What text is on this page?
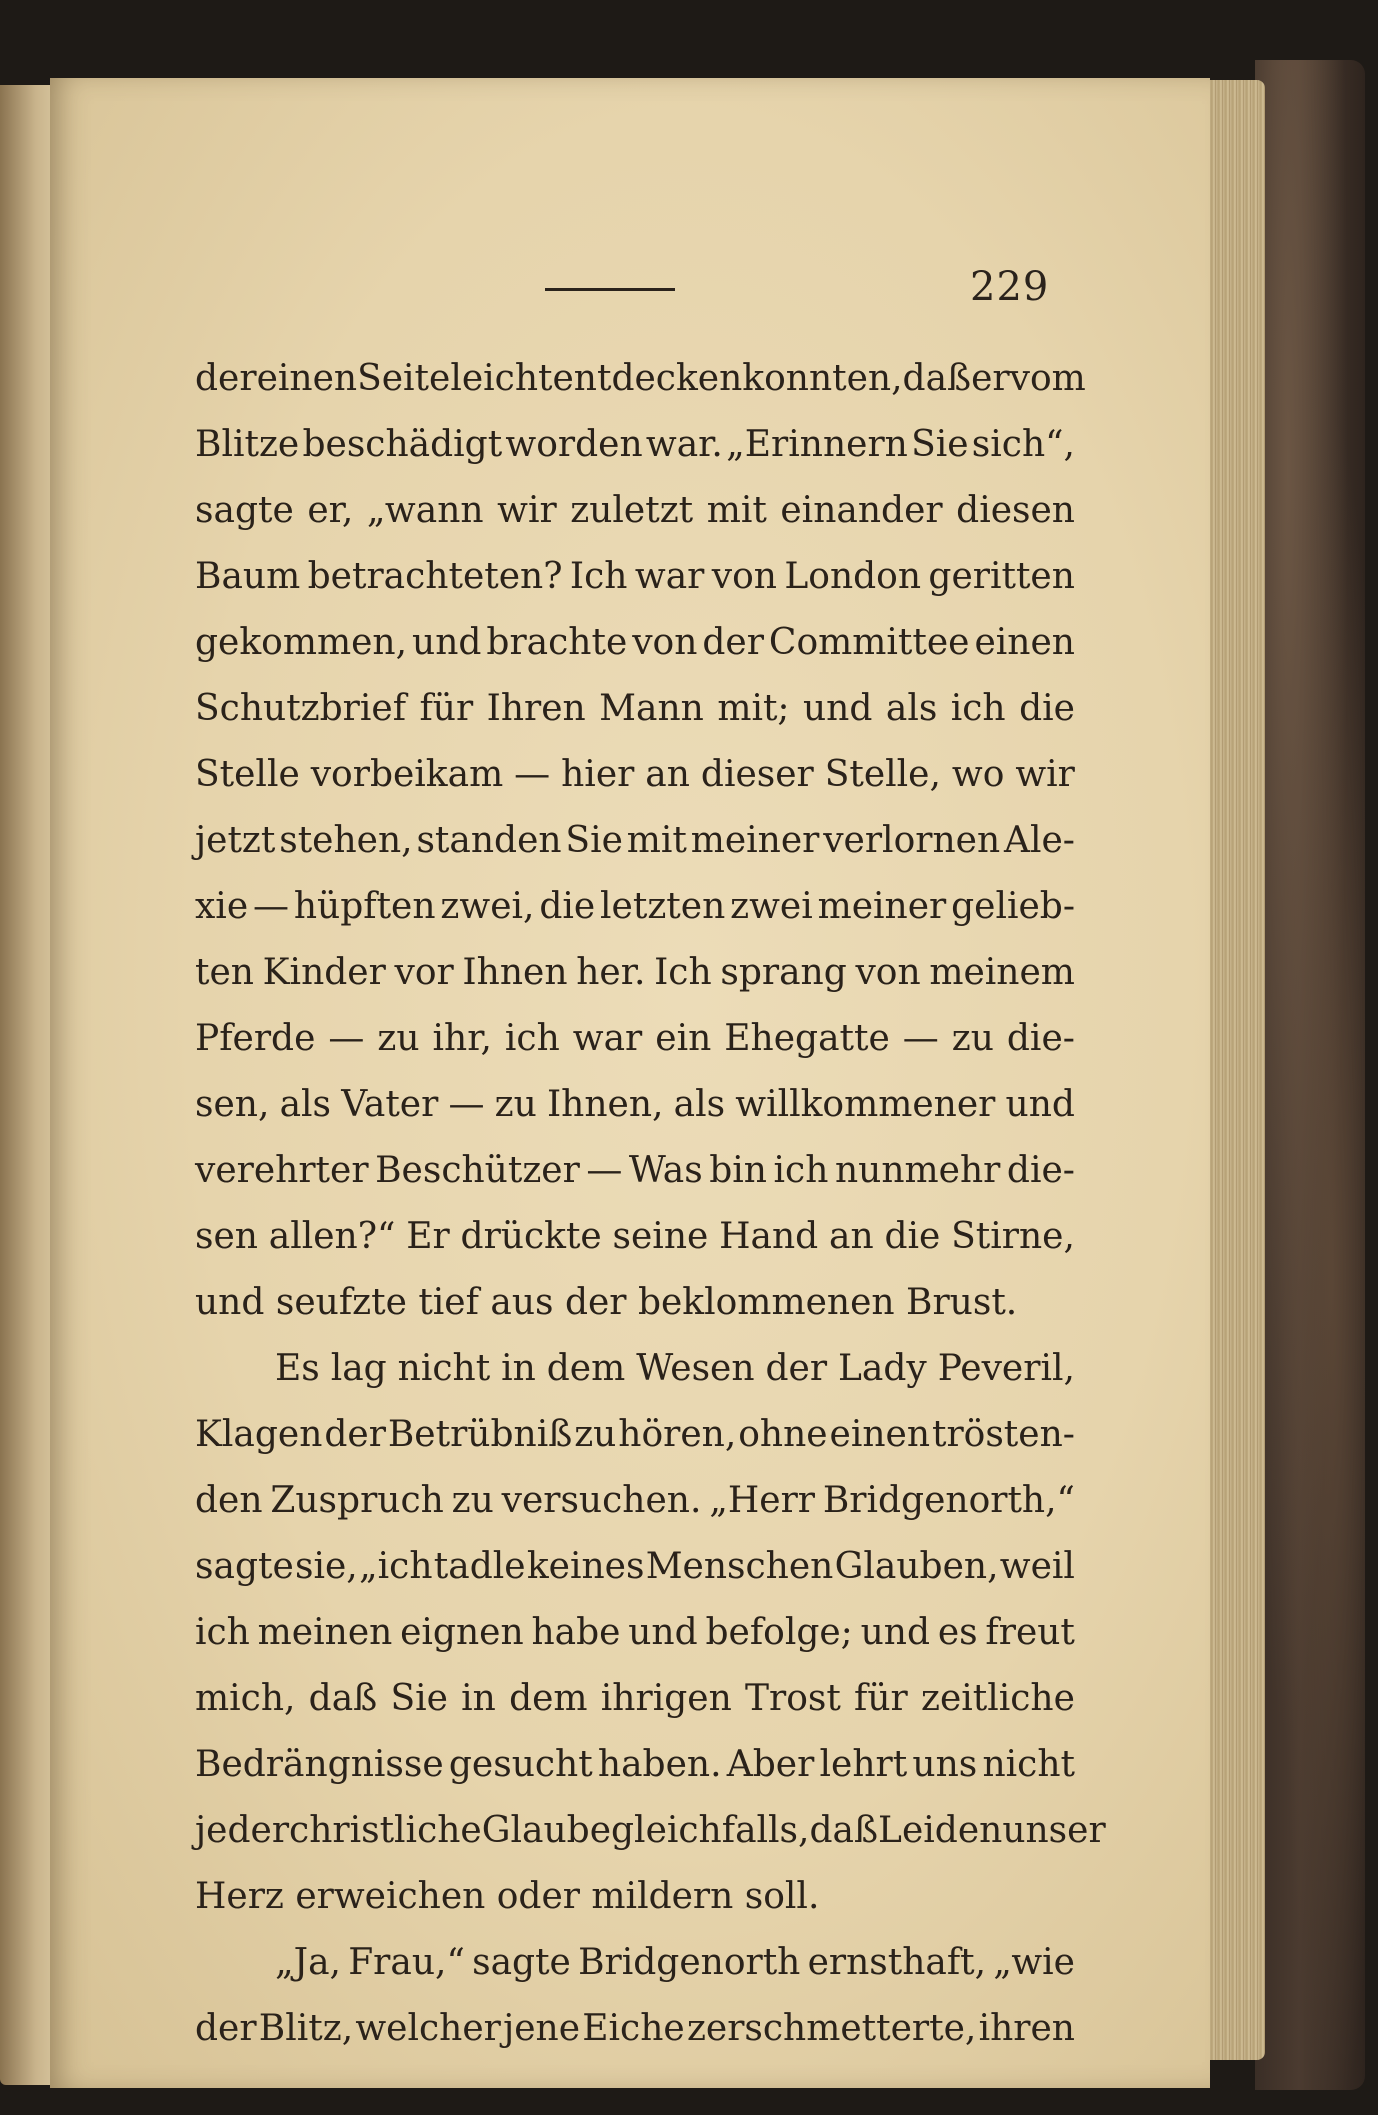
229
der einen Seite leicht entdecken konnten, daß er vom
Blitze beschädigt worden war. „Erinnern Sie sich“,
sagte er, „wann wir zuletzt mit einander diesen
Baum betrachteten? Ich war von London geritten
gekommen, und brachte von der Committee einen
Schutzbrief für Ihren Mann mit; und als ich die
Stelle vorbeikam — hier an dieser Stelle, wo wir
jetzt stehen, standen Sie mit meiner verlornen Ale-
xie — hüpften zwei, die letzten zwei meiner gelieb-
ten Kinder vor Ihnen her. Ich sprang von meinem
Pferde — zu ihr, ich war ein Ehegatte — zu die-
sen, als Vater — zu Ihnen, als willkommener und
verehrter Beschützer — Was bin ich nunmehr die-
sen allen?“ Er drückte seine Hand an die Stirne,
und seufzte tief aus der beklommenen Brust.
Es lag nicht in dem Wesen der Lady Peveril,
Klagen der Betrübniß zu hören, ohne einen trösten-
den Zuspruch zu versuchen. „Herr Bridgenorth,“
sagte sie, „ich tadle keines Menschen Glauben, weil
ich meinen eignen habe und befolge; und es freut
mich, daß Sie in dem ihrigen Trost für zeitliche
Bedrängnisse gesucht haben. Aber lehrt uns nicht
jeder christliche Glaube gleichfalls, daß Leiden unser
Herz erweichen oder mildern soll.
„Ja, Frau,“ sagte Bridgenorth ernsthaft, „wie
der Blitz, welcher jene Eiche zerschmetterte, ihren
